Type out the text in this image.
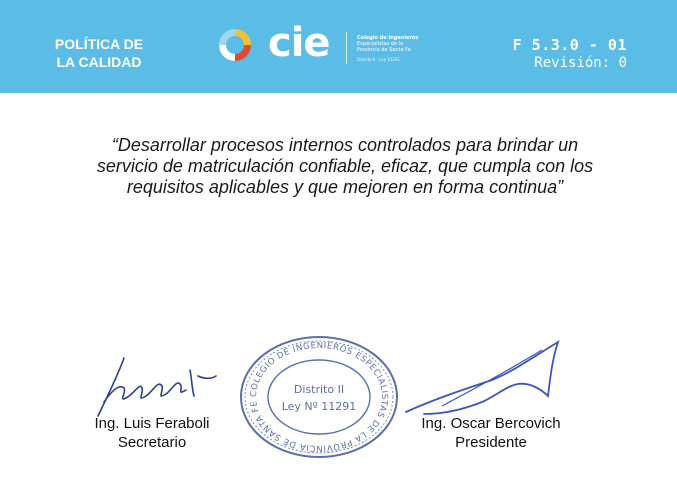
POLÍTICA DE
LA CALIDAD	cie	Colegio de Ingenieros
Especialistas de la
Provincia de Santa Fe
Distrito II · Ley 11291
F 5.3.0 - 01
Revisión: 0
“Desarrollar procesos internos controlados para brindar un
servicio de matriculación confiable, eficaz, que cumpla con los
requisitos aplicables y que mejoren en forma continua”
COLEGIO DE INGENIEROS ESPECIALISTAS DE LA PROVINCIA DE SANTA FE
Distrito II
Ley Nº 11291
Ing. Luis Feraboli
Secretario
Ing. Oscar Bercovich
Presidente
